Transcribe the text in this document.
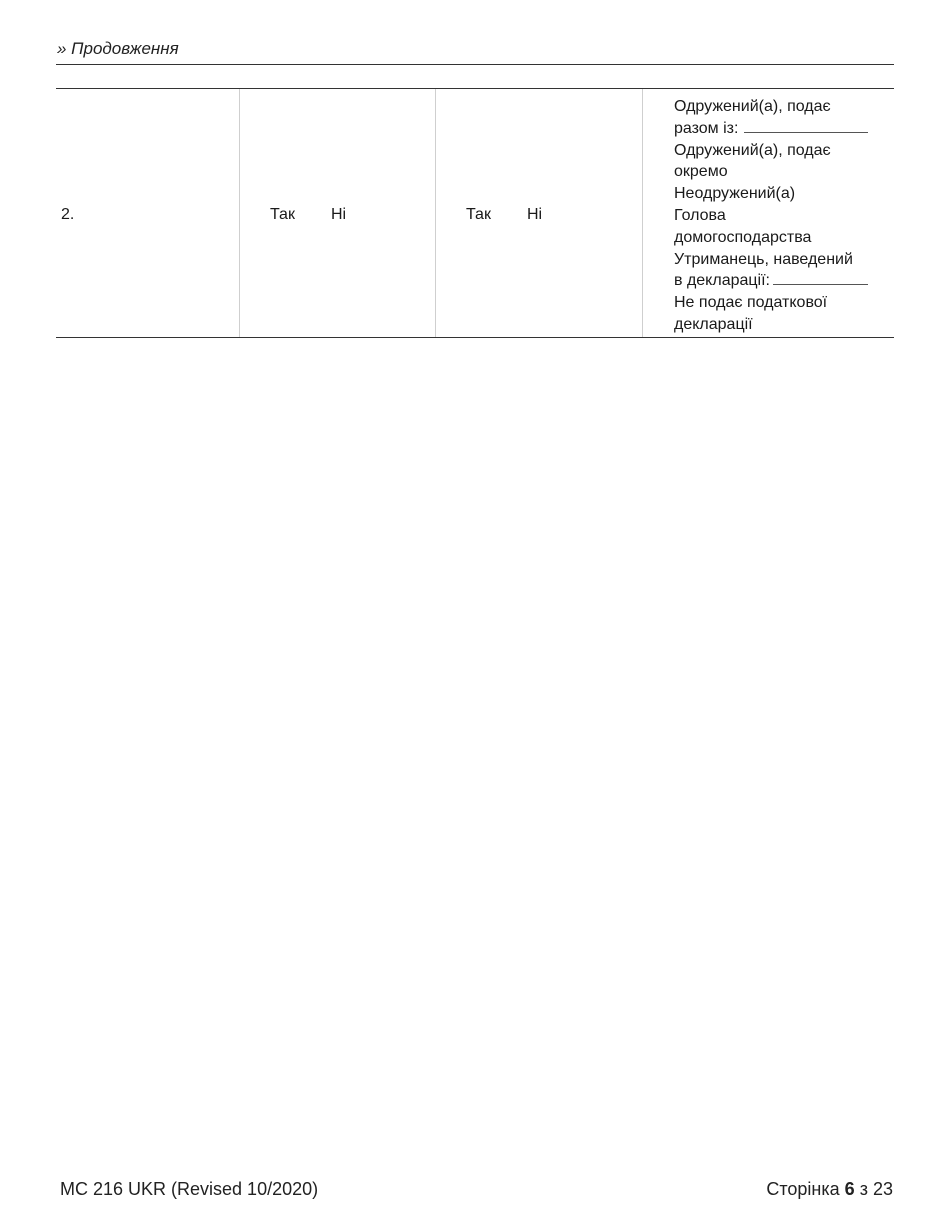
» Продовження
2.	Так Ні	Так Ні
Одружений(а), подає
разом із:
Одружений(а), подає
окремо
Неодружений(а)
Голова
домогосподарства
Утриманець, наведений
в декларації:
Не подає податкової
декларації
MC 216 UKR (Revised 10/2020)	Сторінка 6 з 23
